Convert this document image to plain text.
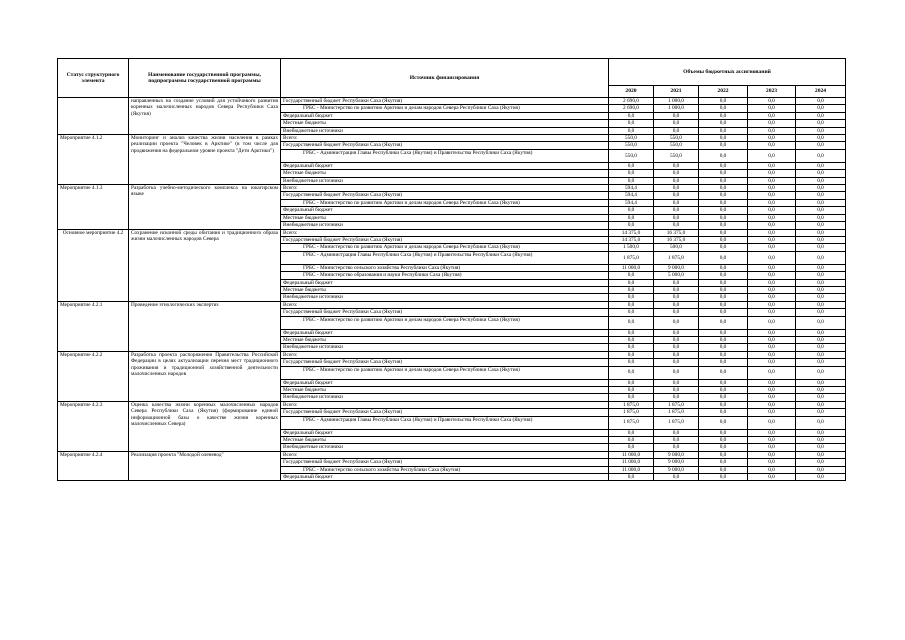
Статус структурного элемента	Наименование государственной программы, подпрограммы государственной программы	Источник финансирования	Объемы бюджетных ассигнований				
			2020	2021	2022	2023	2024
	направленных на создание условий для устойчивого развития коренных малочисленных народов Севера Республики Саха (Якутия)	Государственный бюджет Республики Саха (Якутия)	2 690,0	1 000,0	0,0	0,0	0,0
		ГРБС - Министерство по развитию Арктики и делам народов Севера Республики Саха (Якутия)	2 690,0	1 000,0	0,0	0,0	0,0
		Федеральный бюджет	0,0	0,0	0,0	0,0	0,0
		Местные бюджеты	0,0	0,0	0,0	0,0	0,0
		Внебюджетные источники	0,0	0,0	0,0	0,0	0,0
Мероприятие 4.1.2	Мониторинг и анализ качества жизни населения в рамках реализации проекта "Человек в Арктике" (в том числе для продвижения на федеральном уровне проекта "Дети Арктики")	Всего:	550,0	550,0	0,0	0,0	0,0
		Государственный бюджет Республики Саха (Якутия)	550,0	550,0	0,0	0,0	0,0
		ГРБС - Администрация Главы Республики Саха (Якутия) и Правительства Республики Саха (Якутия)	550,0	550,0	0,0	0,0	0,0
		Федеральный бюджет	0,0	0,0	0,0	0,0	0,0
		Местные бюджеты	0,0	0,0	0,0	0,0	0,0
		Внебюджетные источники	0,0	0,0	0,0	0,0	0,0
Мероприятие 4.1.3	Разработка учебно-методического комплекса на юкагирском языке	Всего:	594,4	0,0	0,0	0,0	0,0
		Государственный бюджет Республики Саха (Якутия)	594,4	0,0	0,0	0,0	0,0
		ГРБС - Министерство по развитию Арктики и делам народов Севера Республики Саха (Якутия)	594,4	0,0	0,0	0,0	0,0
		Федеральный бюджет	0,0	0,0	0,0	0,0	0,0
		Местные бюджеты	0,0	0,0	0,0	0,0	0,0
		Внебюджетные источники	0,0	0,0	0,0	0,0	0,0
Основное мероприятие 4.2	Сохранение исконной среды обитания и традиционного образа жизни малочисленных народов Севера	Всего:	14 375,0	16 375,0	0,0	0,0	0,0
		Государственный бюджет Республики Саха (Якутия)	14 375,0	16 375,0	0,0	0,0	0,0
		ГРБС - Министерство по развитию Арктики и делам народов Севера Республики Саха (Якутия)	1 500,0	500,0	0,0	0,0	0,0
		ГРБС - Администрация Главы Республики Саха (Якутия) и Правительства Республики Саха (Якутия)	1 875,0	1 875,0	0,0	0,0	0,0
		ГРБС - Министерство сельского хозяйства Республики Саха (Якутия)	11 000,0	9 000,0	0,0	0,0	0,0
		ГРБС - Министерство образования и науки Республики Саха (Якутия)	0,0	5 000,0	0,0	0,0	0,0
		Федеральный бюджет	0,0	0,0	0,0	0,0	0,0
		Местные бюджеты	0,0	0,0	0,0	0,0	0,0
		Внебюджетные источники	0,0	0,0	0,0	0,0	0,0
Мероприятие 4.2.1	Проведение этнологических экспертиз	Всего:	0,0	0,0	0,0	0,0	0,0
		Государственный бюджет Республики Саха (Якутия)	0,0	0,0	0,0	0,0	0,0
		ГРБС - Министерство по развитию Арктики и делам народов Севера Республики Саха (Якутия)	0,0	0,0	0,0	0,0	0,0
		Федеральный бюджет	0,0	0,0	0,0	0,0	0,0
		Местные бюджеты	0,0	0,0	0,0	0,0	0,0
		Внебюджетные источники	0,0	0,0	0,0	0,0	0,0
Мероприятие 4.2.2	Разработка проекта распоряжения Правительства Российской Федерации в целях актуализации перечня мест традиционного проживания и традиционной хозяйственной деятельности малочисленных народов	Всего:	0,0	0,0	0,0	0,0	0,0
		Государственный бюджет Республики Саха (Якутия)	0,0	0,0	0,0	0,0	0,0
		ГРБС - Министерство по развитию Арктики и делам народов Севера Республики Саха (Якутия)	0,0	0,0	0,0	0,0	0,0
		Федеральный бюджет	0,0	0,0	0,0	0,0	0,0
		Местные бюджеты	0,0	0,0	0,0	0,0	0,0
		Внебюджетные источники	0,0	0,0	0,0	0,0	0,0
Мероприятие 4.2.3	Оценка качества жизни коренных малочисленных народов Севера Республики Саха (Якутия) (формирование единой информационной базы о качестве жизни коренных малочисленных Севера)	Всего:	1 875,0	1 875,0	0,0	0,0	0,0
		Государственный бюджет Республики Саха (Якутия)	1 875,0	1 875,0	0,0	0,0	0,0
		ГРБС - Администрация Главы Республики Саха (Якутия) и Правительства Республики Саха (Якутия)	1 875,0	1 875,0	0,0	0,0	0,0
		Федеральный бюджет	0,0	0,0	0,0	0,0	0,0
		Местные бюджеты	0,0	0,0	0,0	0,0	0,0
		Внебюджетные источники	0,0	0,0	0,0	0,0	0,0
Мероприятие 4.2.4	Реализация проекта "Молодой оленевод"	Всего:	11 000,0	9 000,0	0,0	0,0	0,0
		Государственный бюджет Республики Саха (Якутия)	11 000,0	9 000,0	0,0	0,0	0,0
		ГРБС - Министерство сельского хозяйства Республики Саха (Якутия)	11 000,0	9 000,0	0,0	0,0	0,0
		Федеральный бюджет	0,0	0,0	0,0	0,0	0,0
